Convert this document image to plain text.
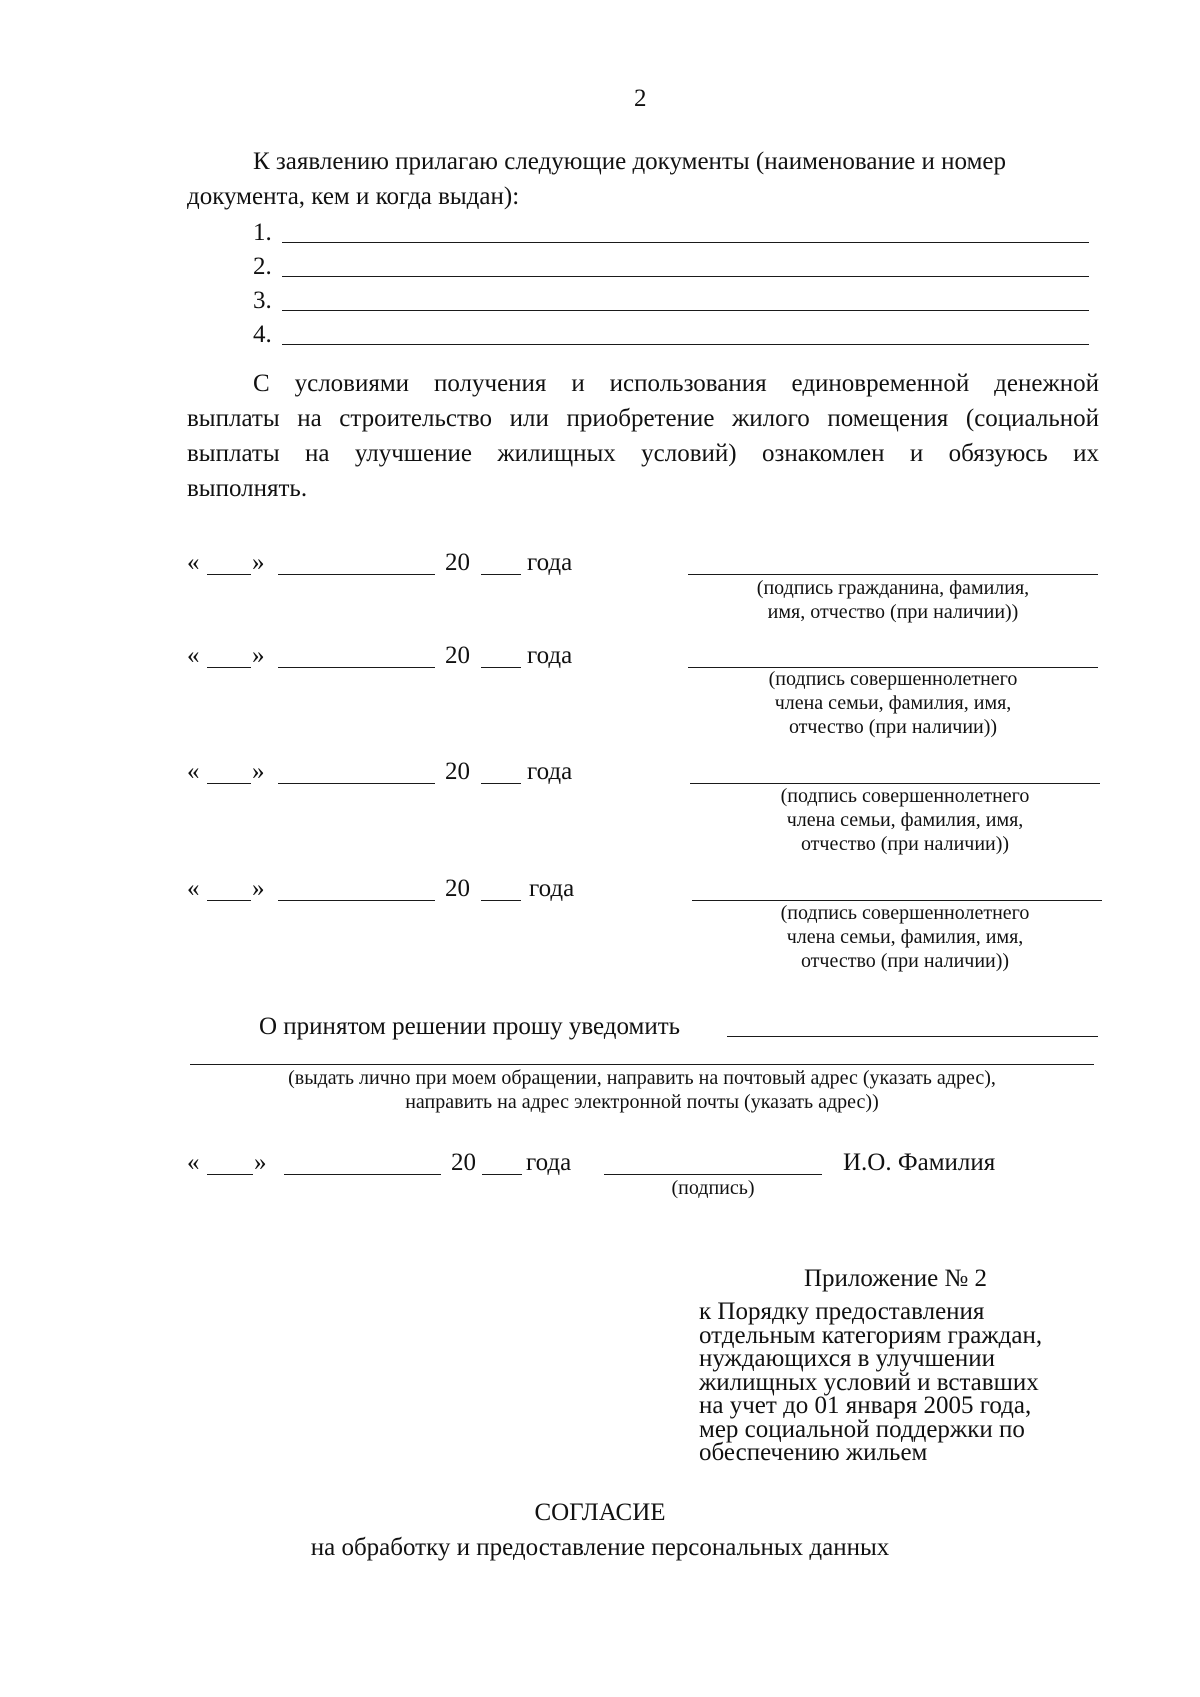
2
К заявлению прилагаю следующие документы (наименование и номер
документа, кем и когда выдан):
1.
2.
3.
4.
С условиями получения и использования единовременной денежной
выплаты на строительство или приобретение жилого помещения (социальной
выплаты на улучшение жилищных условий) ознакомлен и обязуюсь их
выполнять.
« »	20 года
(подпись гражданина, фамилия,
имя, отчество (при наличии))
« »	20 года
(подпись совершеннолетнего
члена семьи, фамилия, имя,
отчество (при наличии))
« »	20 года
(подпись совершеннолетнего
члена семьи, фамилия, имя,
отчество (при наличии))
« »	20 года
(подпись совершеннолетнего
члена семьи, фамилия, имя,
отчество (при наличии))
О принятом решении прошу уведомить
(выдать лично при моем обращении, направить на почтовый адрес (указать адрес),
направить на адрес электронной почты (указать адрес))
« »	20 года	И.О. Фамилия
(подпись)
Приложение № 2
к Порядку предоставления
отдельным категориям граждан,
нуждающихся в улучшении
жилищных условий и вставших
на учет до 01 января 2005 года,
мер социальной поддержки по
обеспечению жильем
СОГЛАСИЕ
на обработку и предоставление персональных данных
